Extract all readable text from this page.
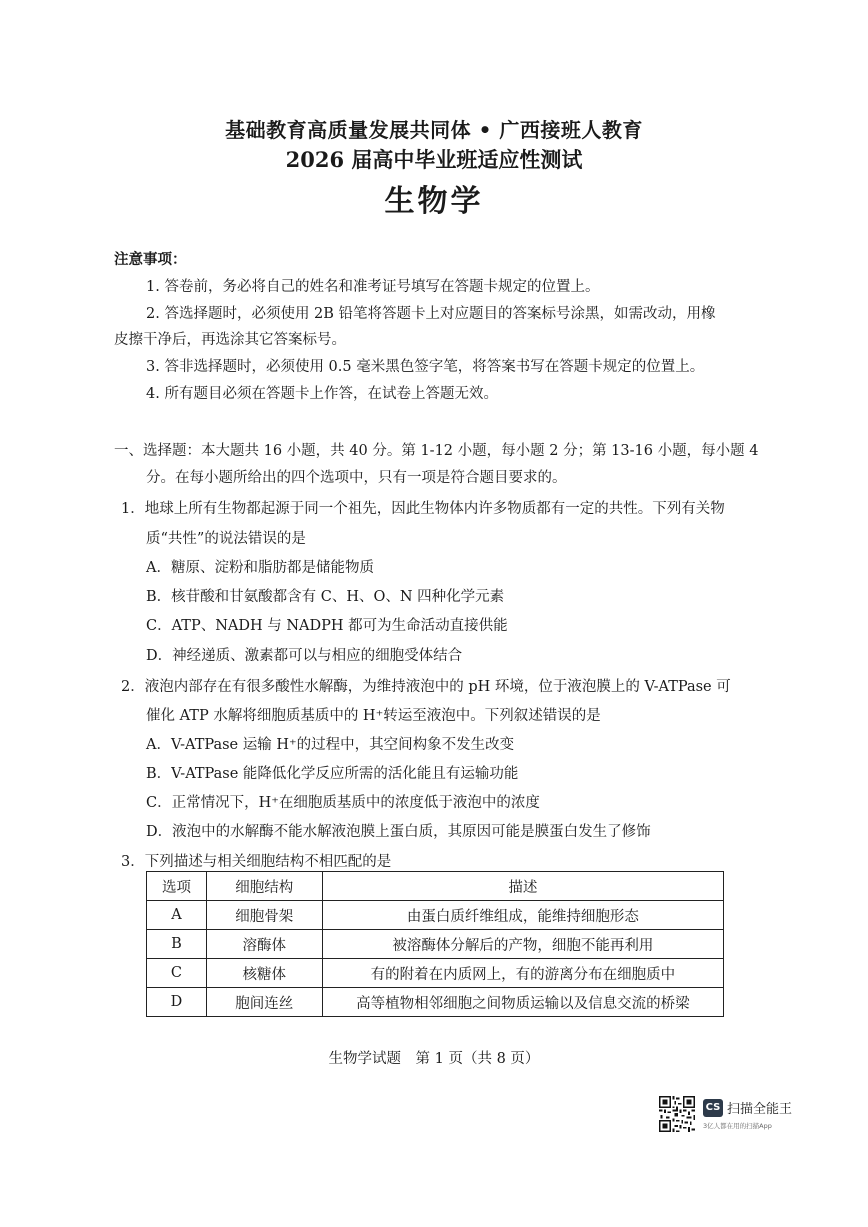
基础教育高质量发展共同体 • 广西接班人教育
2026 届高中毕业班适应性测试
生物学
注意事项：
1. 答卷前，务必将自己的姓名和准考证号填写在答题卡规定的位置上。
2. 答选择题时，必须使用 2B 铅笔将答题卡上对应题目的答案标号涂黑，如需改动，用橡
皮擦干净后，再选涂其它答案标号。
3. 答非选择题时，必须使用 0.5 毫米黑色签字笔，将答案书写在答题卡规定的位置上。
4. 所有题目必须在答题卡上作答，在试卷上答题无效。
一、选择题：本大题共 16 小题，共 40 分。第 1-12 小题，每小题 2 分；第 13-16 小题，每小题 4
分。在每小题所给出的四个选项中，只有一项是符合题目要求的。
1．地球上所有生物都起源于同一个祖先，因此生物体内许多物质都有一定的共性。下列有关物
质“共性”的说法错误的是
A．糖原、淀粉和脂肪都是储能物质
B．核苷酸和甘氨酸都含有 C、H、O、N 四种化学元素
C．ATP、NADH 与 NADPH 都可为生命活动直接供能
D．神经递质、激素都可以与相应的细胞受体结合
2．液泡内部存在有很多酸性水解酶，为维持液泡中的 pH 环境，位于液泡膜上的 V-ATPase 可
催化 ATP 水解将细胞质基质中的 H⁺转运至液泡中。下列叙述错误的是
A．V-ATPase 运输 H⁺的过程中，其空间构象不发生改变
B．V-ATPase 能降低化学反应所需的活化能且有运输功能
C．正常情况下，H⁺在细胞质基质中的浓度低于液泡中的浓度
D．液泡中的水解酶不能水解液泡膜上蛋白质，其原因可能是膜蛋白发生了修饰
3．下列描述与相关细胞结构不相匹配的是
选项	细胞结构	描述
A	细胞骨架	由蛋白质纤维组成，能维持细胞形态
B	溶酶体	被溶酶体分解后的产物，细胞不能再利用
C	核糖体	有的附着在内质网上，有的游离分布在细胞质中
D	胞间连丝	高等植物相邻细胞之间物质运输以及信息交流的桥梁
生物学试题　第 1 页（共 8 页）
CS 扫描全能王
3亿人都在用的扫描App
